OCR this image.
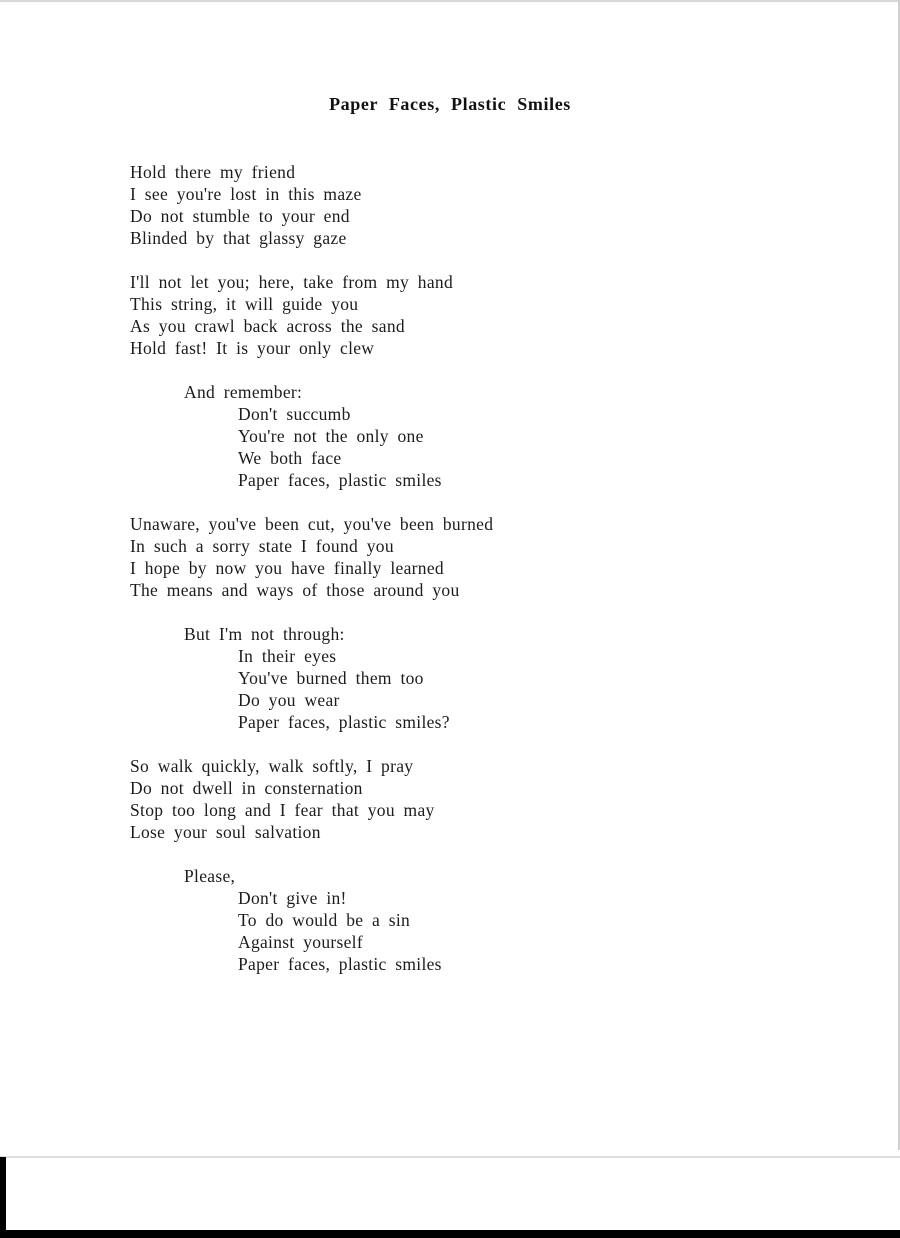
Paper Faces, Plastic Smiles
Hold there my friend
I see you're lost in this maze
Do not stumble to your end
Blinded by that glassy gaze
I'll not let you; here, take from my hand
This string, it will guide you
As you crawl back across the sand
Hold fast! It is your only clew
And remember:
Don't succumb
You're not the only one
We both face
Paper faces, plastic smiles
Unaware, you've been cut, you've been burned
In such a sorry state I found you
I hope by now you have finally learned
The means and ways of those around you
But I'm not through:
In their eyes
You've burned them too
Do you wear
Paper faces, plastic smiles?
So walk quickly, walk softly, I pray
Do not dwell in consternation
Stop too long and I fear that you may
Lose your soul salvation
Please,
Don't give in!
To do would be a sin
Against yourself
Paper faces, plastic smiles
